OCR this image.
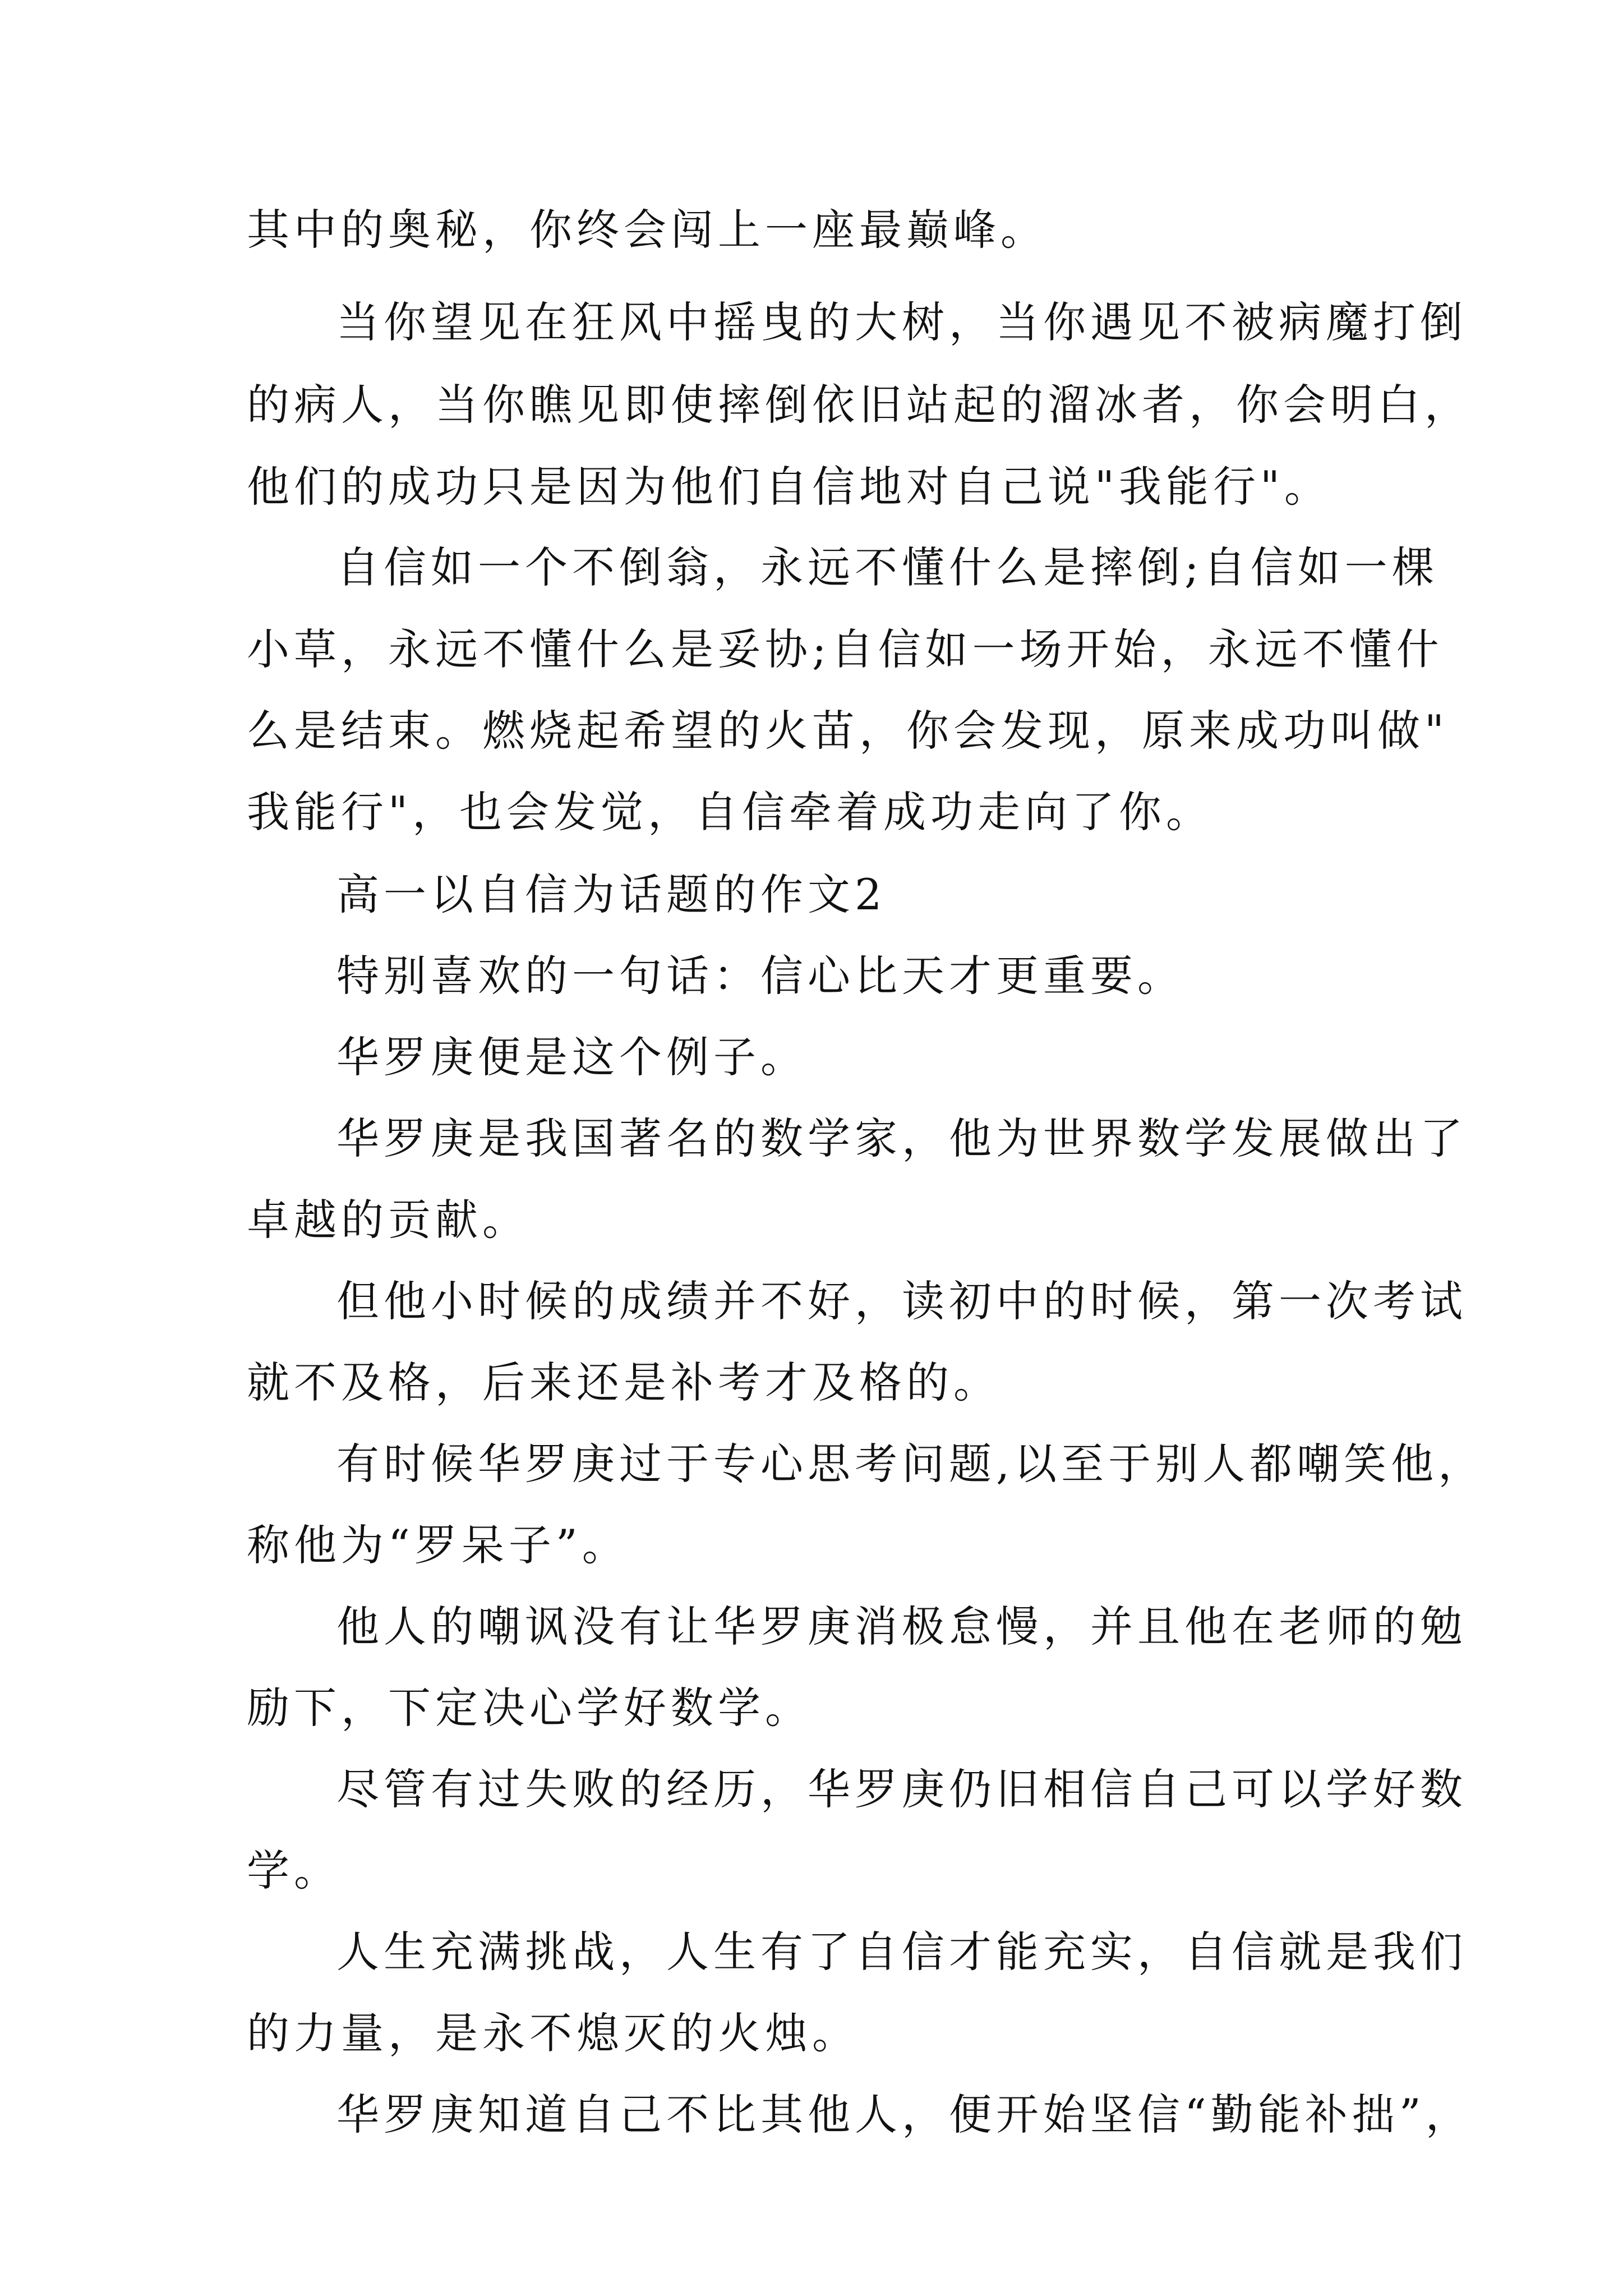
其中的奥秘，你终会闯上一座最巅峰。
当你望见在狂风中摇曳的大树，当你遇见不被病魔打倒
的病人，当你瞧见即使摔倒依旧站起的溜冰者，你会明白，
他们的成功只是因为他们自信地对自己说"我能行"。
自信如一个不倒翁，永远不懂什么是摔倒;自信如一棵
小草，永远不懂什么是妥协;自信如一场开始，永远不懂什
么是结束。燃烧起希望的火苗，你会发现，原来成功叫做"
我能行"，也会发觉，自信牵着成功走向了你。
高一以自信为话题的作文2
特别喜欢的一句话：信心比天才更重要。
华罗庚便是这个例子。
华罗庚是我国著名的数学家，他为世界数学发展做出了
卓越的贡献。
但他小时候的成绩并不好，读初中的时候，第一次考试
就不及格，后来还是补考才及格的。
有时候华罗庚过于专心思考问题,以至于别人都嘲笑他，
称他为“罗呆子”。
他人的嘲讽没有让华罗庚消极怠慢，并且他在老师的勉
励下，下定决心学好数学。
尽管有过失败的经历，华罗庚仍旧相信自己可以学好数
学。
人生充满挑战，人生有了自信才能充实，自信就是我们
的力量，是永不熄灭的火烛。
华罗庚知道自己不比其他人，便开始坚信“勤能补拙”，
